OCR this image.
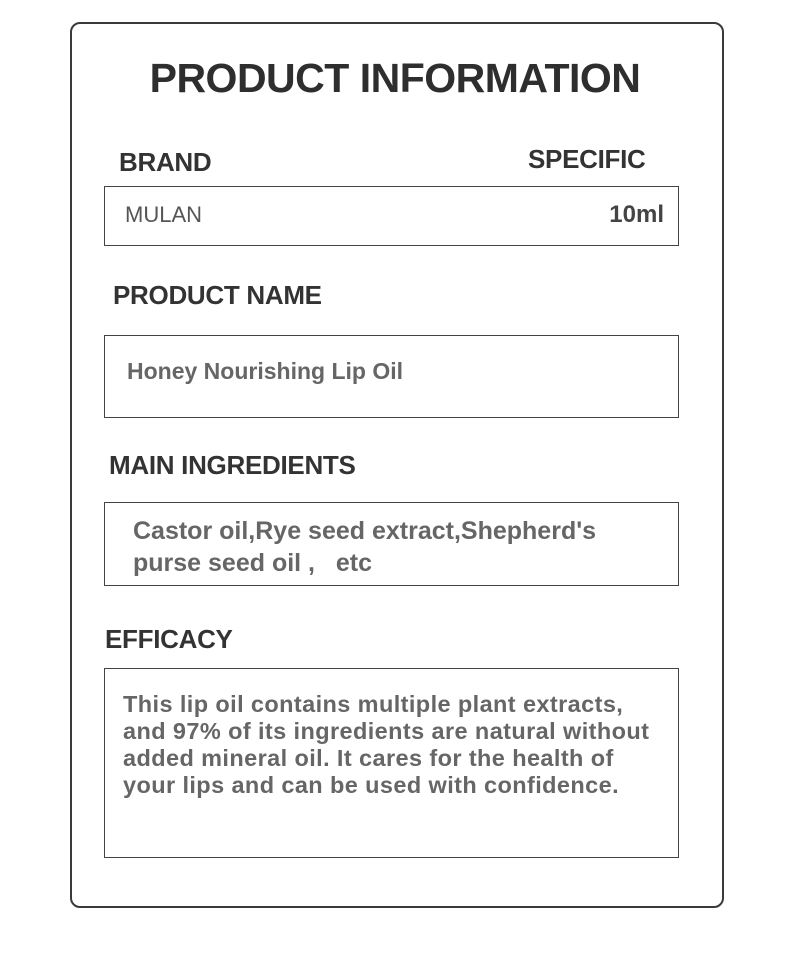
PRODUCT INFORMATION
BRAND	SPECIFIC
MULAN	10ml
PRODUCT NAME
Honey Nourishing Lip Oil
MAIN INGREDIENTS
Castor oil,Rye seed extract,Shepherd's purse seed oil ,   etc
EFFICACY
This lip oil contains multiple plant extracts, and 97% of its ingredients are natural without added mineral oil. It cares for the health of your lips and can be used with confidence.
